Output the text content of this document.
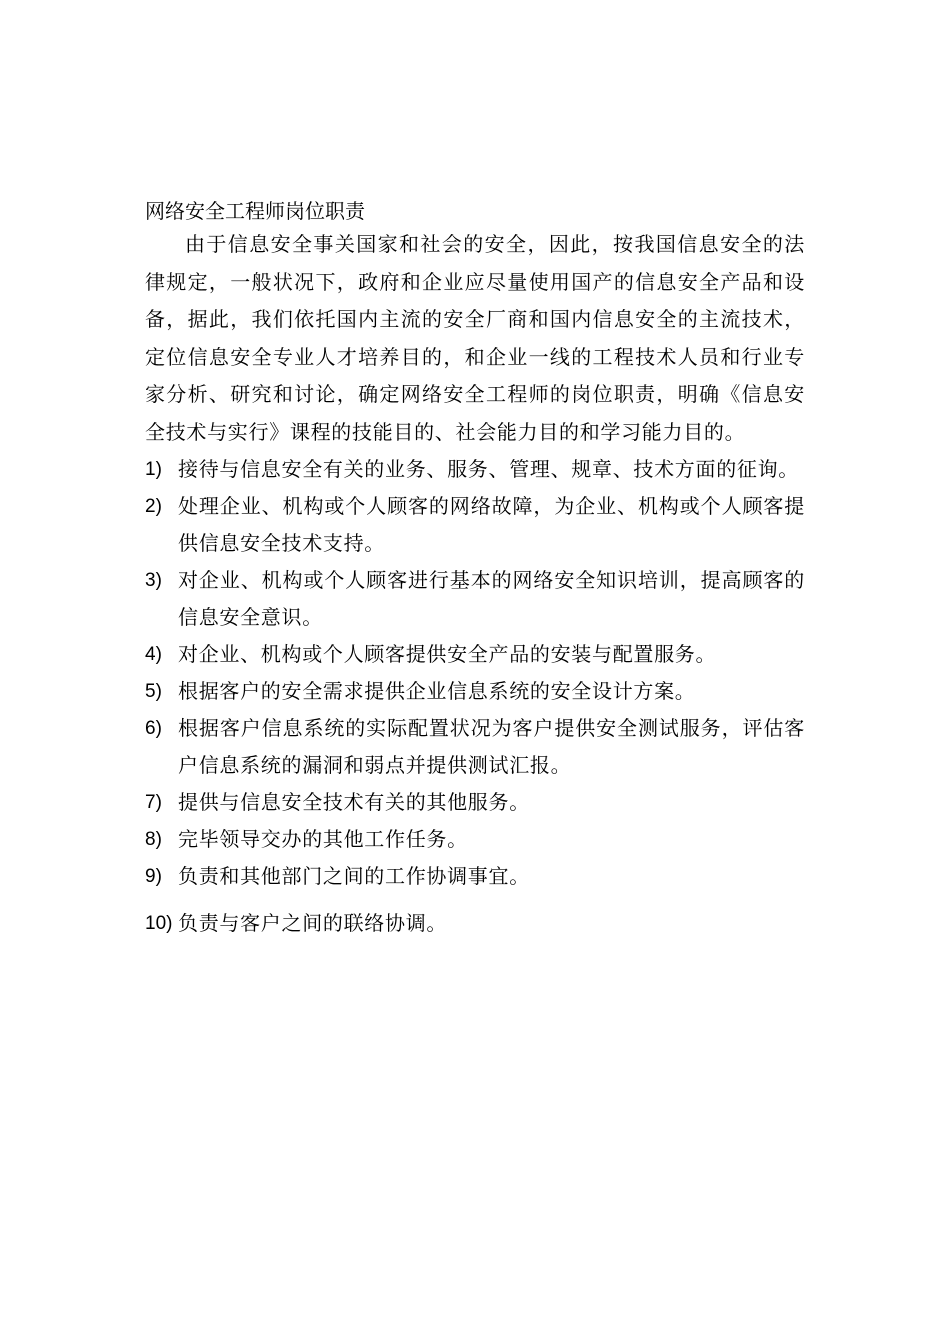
网络安全工程师岗位职责

由于信息安全事关国家和社会的安全，因此，按我国信息安全的法律规定，一般状况下，政府和企业应尽量使用国产的信息安全产品和设备，据此，我们依托国内主流的安全厂商和国内信息安全的主流技术，定位信息安全专业人才培养目的，和企业一线的工程技术人员和行业专家分析、研究和讨论，确定网络安全工程师的岗位职责，明确《信息安全技术与实行》课程的技能目的、社会能力目的和学习能力目的。

1) 接待与信息安全有关的业务、服务、管理、规章、技术方面的征询。
2) 处理企业、机构或个人顾客的网络故障，为企业、机构或个人顾客提供信息安全技术支持。
3) 对企业、机构或个人顾客进行基本的网络安全知识培训，提高顾客的信息安全意识。
4) 对企业、机构或个人顾客提供安全产品的安装与配置服务。
5) 根据客户的安全需求提供企业信息系统的安全设计方案。
6) 根据客户信息系统的实际配置状况为客户提供安全测试服务，评估客户信息系统的漏洞和弱点并提供测试汇报。
7) 提供与信息安全技术有关的其他服务。
8) 完毕领导交办的其他工作任务。
9) 负责和其他部门之间的工作协调事宜。
10) 负责与客户之间的联络协调。
